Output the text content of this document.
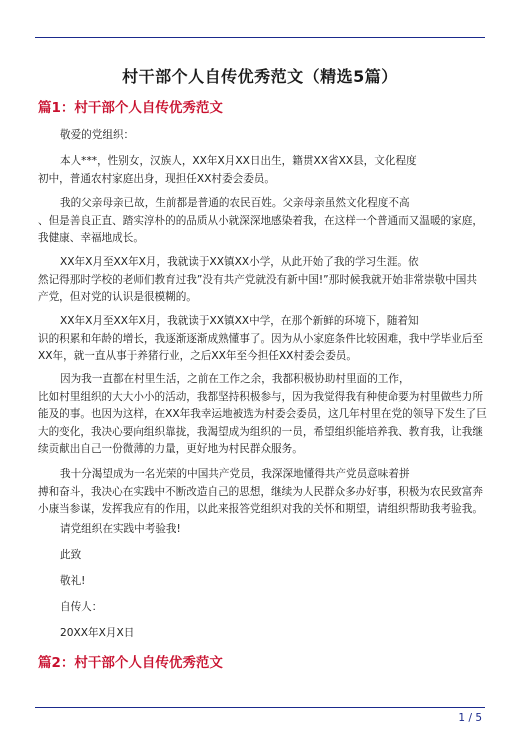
村干部个人自传优秀范文（精选5篇）
篇1：村干部个人自传优秀范文

敬爱的党组织：

本人***，性别女，汉族人，XX年X月XX日出生，籍贯XX省XX县，文化程度
初中，普通农村家庭出身，现担任XX村委会委员。

我的父亲母亲已故，生前都是普通的农民百姓。父亲母亲虽然文化程度不高
、但是善良正直、踏实淳朴的的品质从小就深深地感染着我，在这样一个普通而又温暖的家庭，
我健康、幸福地成长。

XX年X月至XX年X月，我就读于XX镇XX小学，从此开始了我的学习生涯。依
然记得那时学校的老师们教育过我”没有共产党就没有新中国!”那时候我就开始非常崇敬中国共
产党，但对党的认识是很模糊的。

XX年X月至XX年X月，我就读于XX镇XX中学，在那个新鲜的环境下，随着知
识的积累和年龄的增长，我逐渐逐渐成熟懂事了。因为从小家庭条件比较困难，我中学毕业后至
XX年，就一直从事于养猪行业，之后XX年至今担任XX村委会委员。

因为我一直都在村里生活，之前在工作之余，我都积极协助村里面的工作，
比如村里组织的大大小小的活动，我都坚持积极参与，因为我觉得我有种使命要为村里做些力所
能及的事。也因为这样，在XX年我幸运地被选为村委会委员，这几年村里在党的领导下发生了巨
大的变化，我决心要向组织靠拢，我渴望成为组织的一员，希望组织能培养我、教育我，让我继
续贡献出自己一份微薄的力量，更好地为村民群众服务。

我十分渴望成为一名光荣的中国共产党员，我深深地懂得共产党员意味着拼
搏和奋斗，我决心在实践中不断改造自己的思想，继续为人民群众多办好事，积极为农民致富奔
小康当参谋，发挥我应有的作用，以此来报答党组织对我的关怀和期望，请组织帮助我考验我。

请党组织在实践中考验我!

此致

敬礼!

自传人：

20XX年X月X日

篇2：村干部个人自传优秀范文
1 / 5
